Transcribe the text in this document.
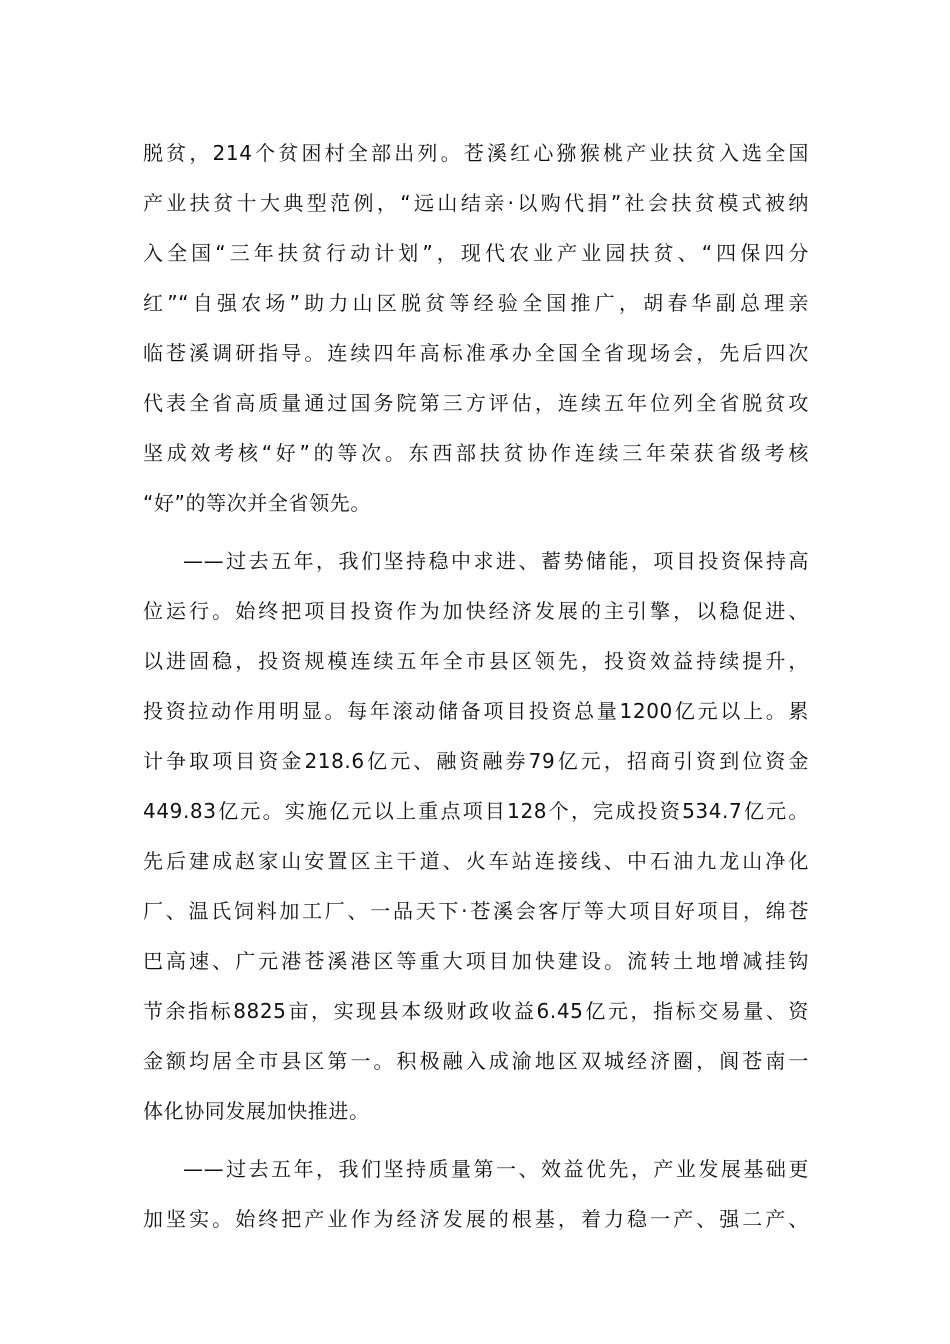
脱贫，214个贫困村全部出列。苍溪红心猕猴桃产业扶贫入选全国
产业扶贫十大典型范例，“远山结亲·以购代捐”社会扶贫模式被纳
入全国“三年扶贫行动计划”，现代农业产业园扶贫、“四保四分
红”“自强农场”助力山区脱贫等经验全国推广，胡春华副总理亲
临苍溪调研指导。连续四年高标准承办全国全省现场会，先后四次
代表全省高质量通过国务院第三方评估，连续五年位列全省脱贫攻
坚成效考核“好”的等次。东西部扶贫协作连续三年荣获省级考核
“好”的等次并全省领先。
——过去五年，我们坚持稳中求进、蓄势储能，项目投资保持高
位运行。始终把项目投资作为加快经济发展的主引擎，以稳促进、
以进固稳，投资规模连续五年全市县区领先，投资效益持续提升，
投资拉动作用明显。每年滚动储备项目投资总量1200亿元以上。累
计争取项目资金218.6亿元、融资融券79亿元，招商引资到位资金
449.83亿元。实施亿元以上重点项目128个，完成投资534.7亿元。
先后建成赵家山安置区主干道、火车站连接线、中石油九龙山净化
厂、温氏饲料加工厂、一品天下·苍溪会客厅等大项目好项目，绵苍
巴高速、广元港苍溪港区等重大项目加快建设。流转土地增减挂钩
节余指标8825亩，实现县本级财政收益6.45亿元，指标交易量、资
金额均居全市县区第一。积极融入成渝地区双城经济圈，阆苍南一
体化协同发展加快推进。
——过去五年，我们坚持质量第一、效益优先，产业发展基础更
加坚实。始终把产业作为经济发展的根基，着力稳一产、强二产、
